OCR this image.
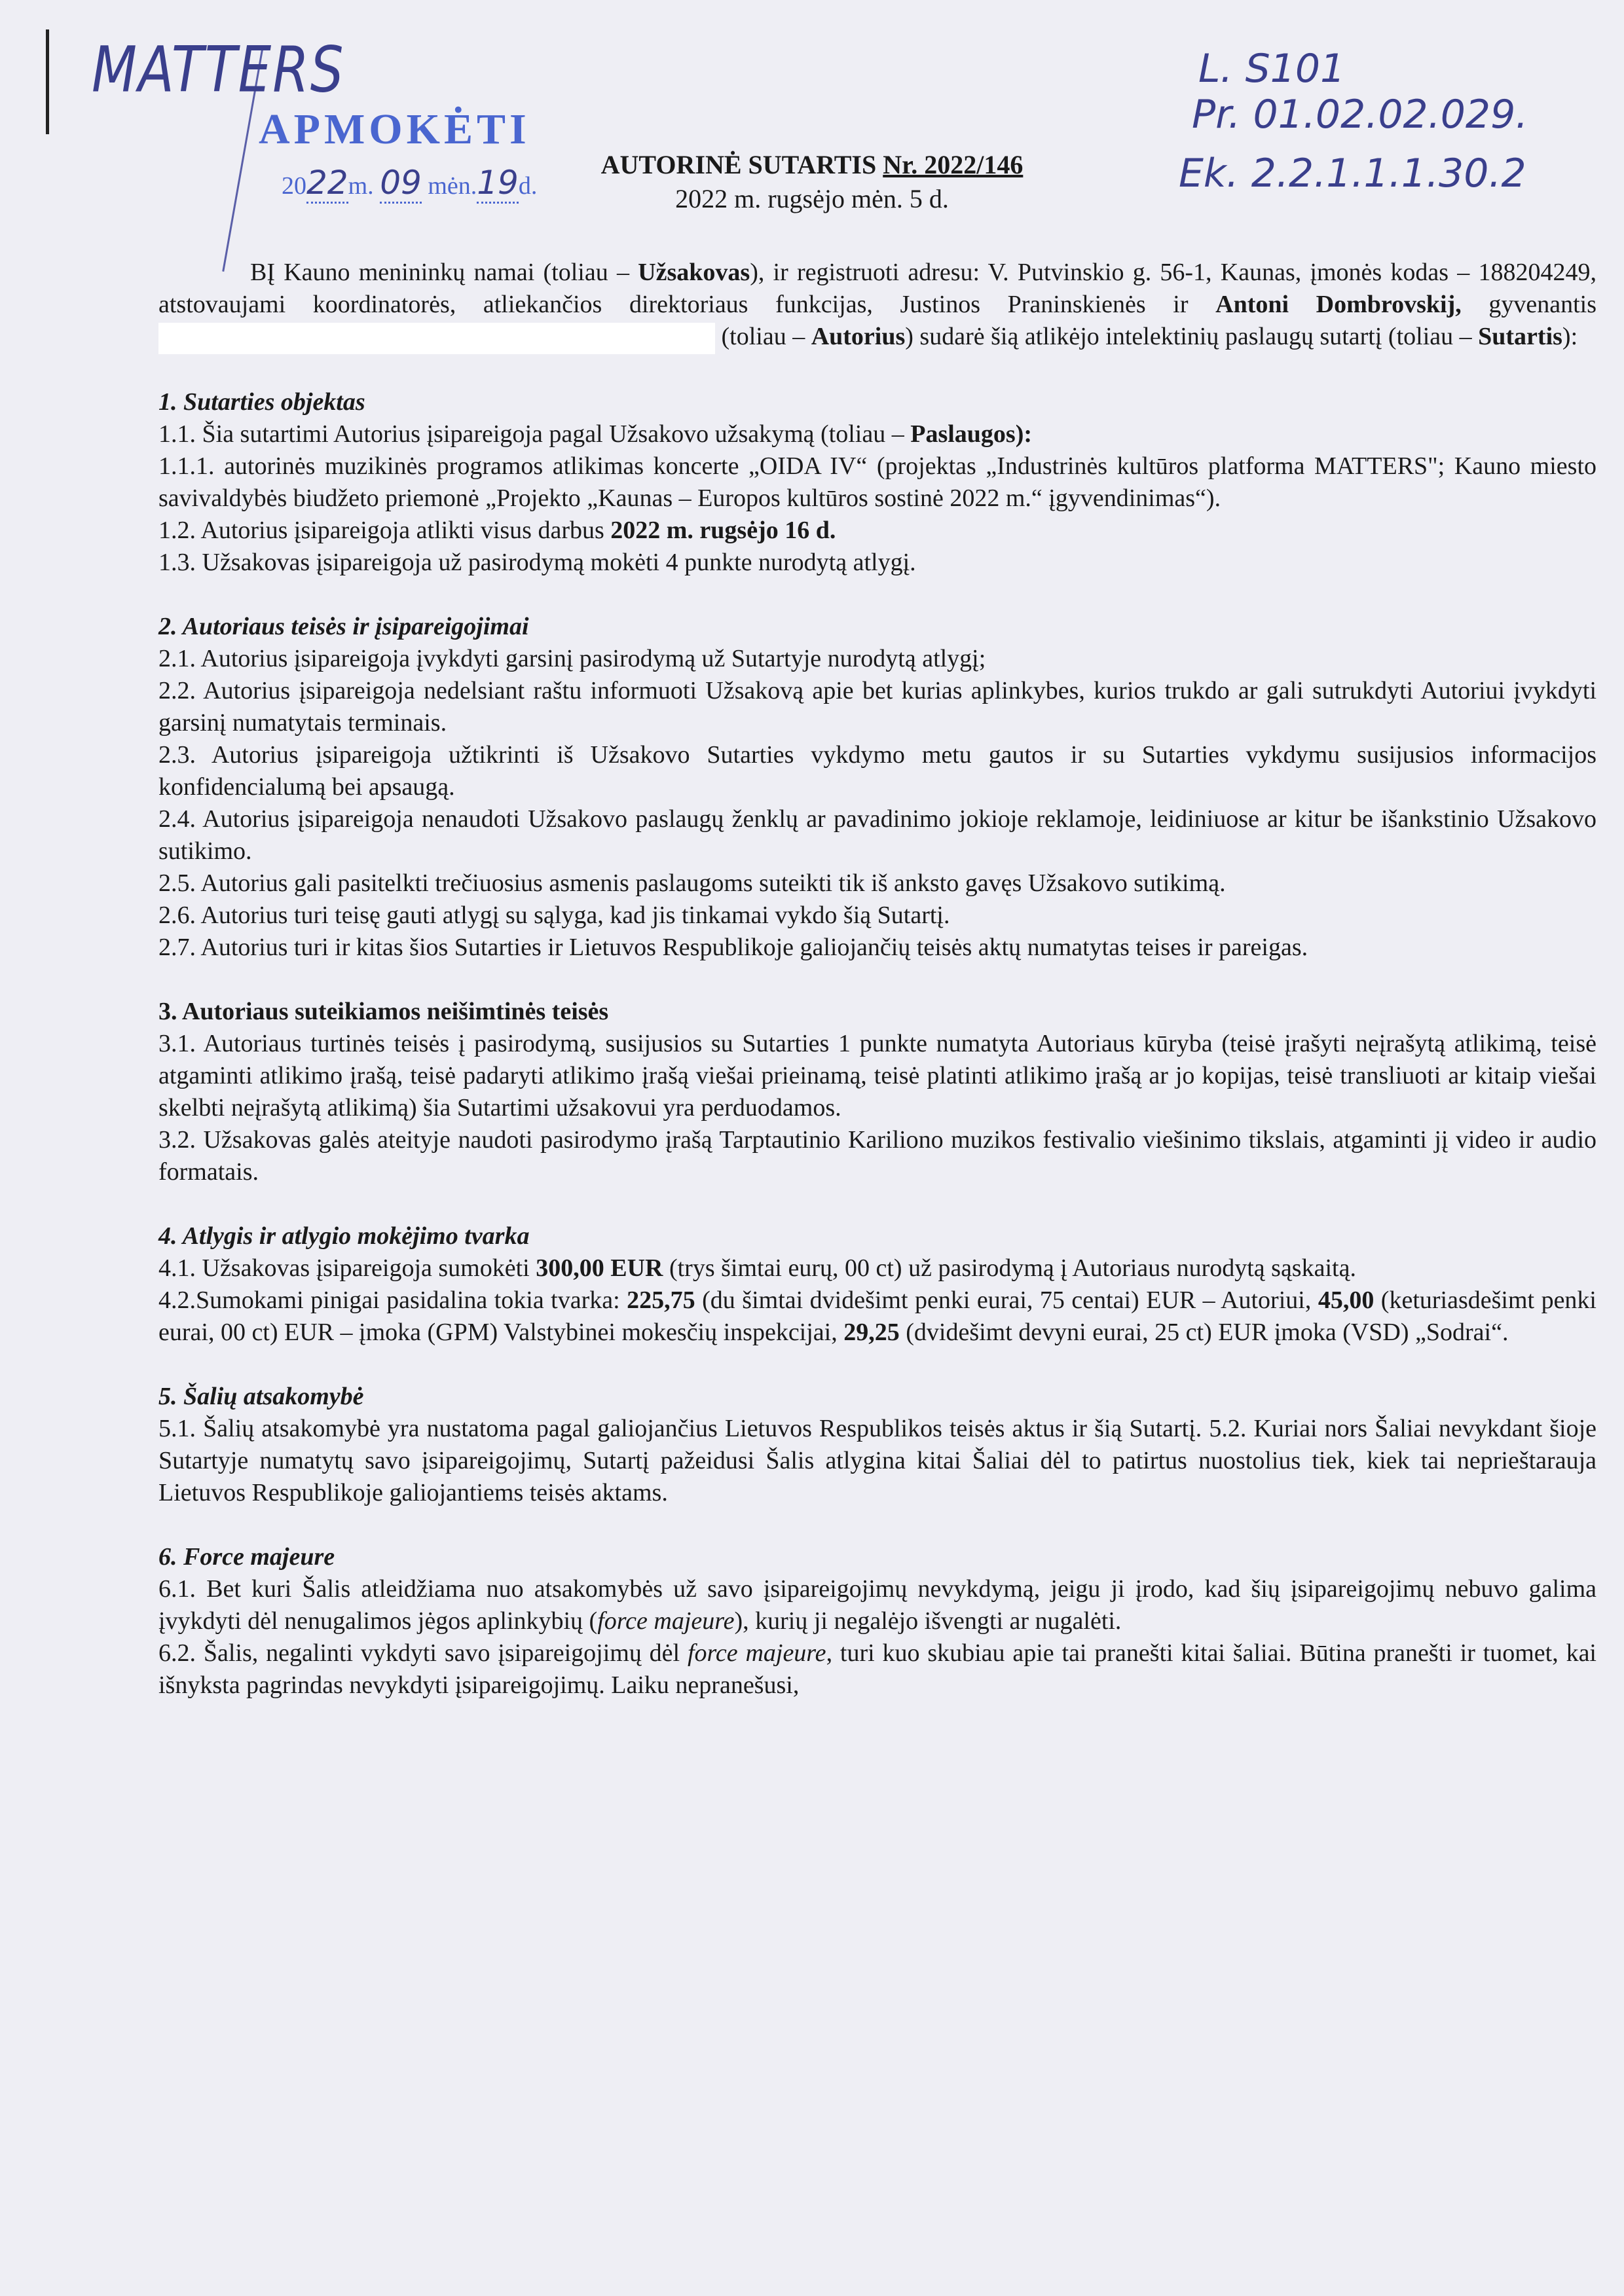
MATTERS
APMOKĖTI
2022m. 09 mėn.19d.
L. S101
Pr. 01.02.02.029.
Ek. 2.2.1.1.1.30.2
AUTORINĖ SUTARTIS Nr. 2022/146
2022 m. rugsėjo mėn. 5 d.

BĮ Kauno menininkų namai (toliau – Užsakovas), ir registruoti adresu: V. Putvinskio g. 56-1, Kaunas, įmonės kodas – 188204249, atstovaujami koordinatorės, atliekančios direktoriaus funkcijas, Justinos Praninskienės ir Antoni Dombrovskij, gyvenantis  (toliau – Autorius) sudarė šią atlikėjo intelektinių paslaugų sutartį (toliau – Sutartis):

1. Sutarties objektas

1.1. Šia sutartimi Autorius įsipareigoja pagal Užsakovo užsakymą (toliau – Paslaugos):

1.1.1. autorinės muzikinės programos atlikimas koncerte „OIDA IV“ (projektas „Industrinės kultūros platforma MATTERS"; Kauno miesto savivaldybės biudžeto priemonė „Projekto „Kaunas – Europos kultūros sostinė 2022 m.“ įgyvendinimas“).

1.2. Autorius įsipareigoja atlikti visus darbus 2022 m. rugsėjo 16 d.

1.3. Užsakovas įsipareigoja už pasirodymą mokėti 4 punkte nurodytą atlygį.

2. Autoriaus teisės ir įsipareigojimai

2.1. Autorius įsipareigoja įvykdyti garsinį pasirodymą už Sutartyje nurodytą atlygį;

2.2. Autorius įsipareigoja nedelsiant raštu informuoti Užsakovą apie bet kurias aplinkybes, kurios trukdo ar gali sutrukdyti Autoriui įvykdyti garsinį numatytais terminais.

2.3. Autorius įsipareigoja užtikrinti iš Užsakovo Sutarties vykdymo metu gautos ir su Sutarties vykdymu susijusios informacijos konfidencialumą bei apsaugą.

2.4. Autorius įsipareigoja nenaudoti Užsakovo paslaugų ženklų ar pavadinimo jokioje reklamoje, leidiniuose ar kitur be išankstinio Užsakovo sutikimo.

2.5. Autorius gali pasitelkti trečiuosius asmenis paslaugoms suteikti tik iš anksto gavęs Užsakovo sutikimą.

2.6. Autorius turi teisę gauti atlygį su sąlyga, kad jis tinkamai vykdo šią Sutartį.

2.7. Autorius turi ir kitas šios Sutarties ir Lietuvos Respublikoje galiojančių teisės aktų numatytas teises ir pareigas.

3. Autoriaus suteikiamos neišimtinės teisės

3.1. Autoriaus turtinės teisės į pasirodymą, susijusios su Sutarties 1 punkte numatyta Autoriaus kūryba (teisė įrašyti neįrašytą atlikimą, teisė atgaminti atlikimo įrašą, teisė padaryti atlikimo įrašą viešai prieinamą, teisė platinti atlikimo įrašą ar jo kopijas, teisė transliuoti ar kitaip viešai skelbti neįrašytą atlikimą) šia Sutartimi užsakovui yra perduodamos.

3.2. Užsakovas galės ateityje naudoti pasirodymo įrašą Tarptautinio Kariliono muzikos festivalio viešinimo tikslais, atgaminti jį video ir audio formatais.

4. Atlygis ir atlygio mokėjimo tvarka

4.1. Užsakovas įsipareigoja sumokėti 300,00 EUR (trys šimtai eurų, 00 ct) už pasirodymą į Autoriaus nurodytą sąskaitą.

4.2.Sumokami pinigai pasidalina tokia tvarka: 225,75 (du šimtai dvidešimt penki eurai, 75 centai) EUR – Autoriui, 45,00 (keturiasdešimt penki eurai, 00 ct) EUR – įmoka (GPM) Valstybinei mokesčių inspekcijai, 29,25 (dvidešimt devyni eurai, 25 ct) EUR įmoka (VSD) „Sodrai“.

5. Šalių atsakomybė

5.1. Šalių atsakomybė yra nustatoma pagal galiojančius Lietuvos Respublikos teisės aktus ir šią Sutartį. 5.2. Kuriai nors Šaliai nevykdant šioje Sutartyje numatytų savo įsipareigojimų, Sutartį pažeidusi Šalis atlygina kitai Šaliai dėl to patirtus nuostolius tiek, kiek tai neprieštarauja Lietuvos Respublikoje galiojantiems teisės aktams.

6. Force majeure

6.1. Bet kuri Šalis atleidžiama nuo atsakomybės už savo įsipareigojimų nevykdymą, jeigu ji įrodo, kad šių įsipareigojimų nebuvo galima įvykdyti dėl nenugalimos jėgos aplinkybių (force majeure), kurių ji negalėjo išvengti ar nugalėti.

6.2. Šalis, negalinti vykdyti savo įsipareigojimų dėl force majeure, turi kuo skubiau apie tai pranešti kitai šaliai. Būtina pranešti ir tuomet, kai išnyksta pagrindas nevykdyti įsipareigojimų. Laiku nepranešusi,
